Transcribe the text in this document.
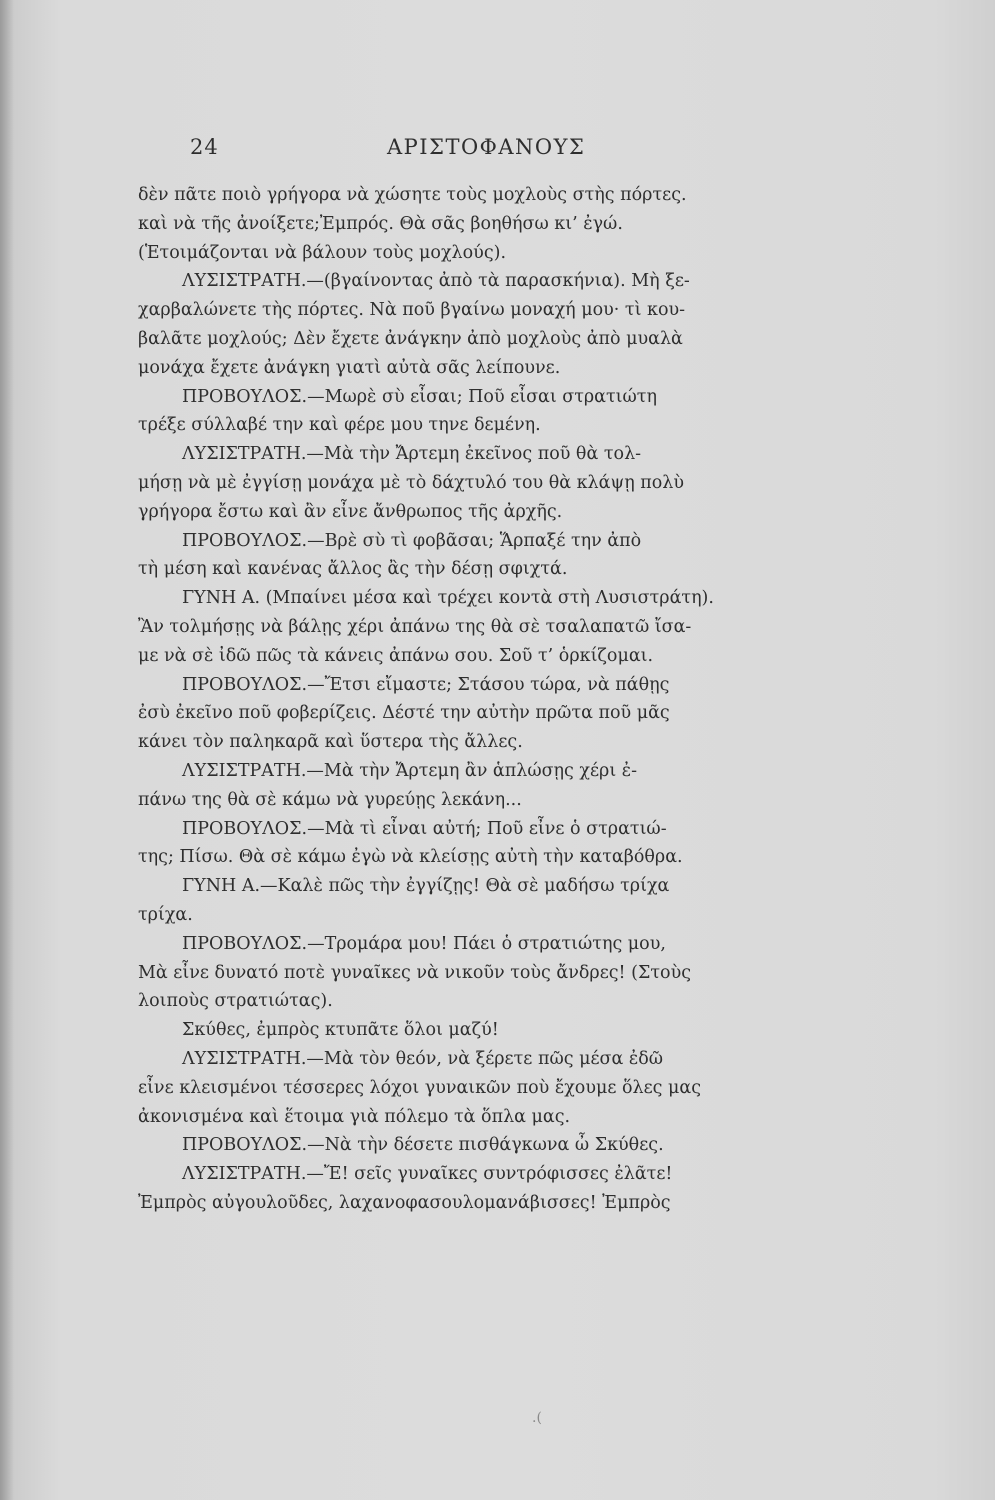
24	ΑΡΙΣΤΟΦΑΝΟΥΣ
δὲν πᾶτε ποιὸ γρήγορα νὰ χώσητε τοὺς μοχλοὺς στὴς πόρτες.
καὶ νὰ τῆς ἀνοίξετε;Ἐμπρός. Θὰ σᾶς βοηθήσω κι’ ἐγώ.
(Ἑτοιμάζονται νὰ βάλουν τοὺς μοχλούς).
ΛΥΣΙΣΤΡΑΤΗ.—(βγαίνοντας ἀπὸ τὰ παρασκήνια). Μὴ ξε-
χαρβαλώνετε τὴς πόρτες. Νὰ ποῦ βγαίνω μοναχή μου· τὶ κου-
βαλᾶτε μοχλούς; Δὲν ἔχετε ἀνάγκην ἀπὸ μοχλοὺς ἀπὸ μυαλὰ
μονάχα ἔχετε ἀνάγκη γιατὶ αὐτὰ σᾶς λείπουνε.
ΠΡΟΒΟΥΛΟΣ.—Μωρὲ σὺ εἶσαι; Ποῦ εἶσαι στρατιώτη
τρέξε σύλλαβέ την καὶ φέρε μου τηνε δεμένη.
ΛΥΣΙΣΤΡΑΤΗ.—Μὰ τὴν Ἄρτεμη ἐκεῖνος ποῦ θὰ τολ-
μήσῃ νὰ μὲ ἐγγίσῃ μονάχα μὲ τὸ δάχτυλό του θὰ κλάψῃ πολὺ
γρήγορα ἔστω καὶ ἂν εἶνε ἄνθρωπος τῆς ἀρχῆς.
ΠΡΟΒΟΥΛΟΣ.—Βρὲ σὺ τὶ φοβᾶσαι; Ἅρπαξέ την ἀπὸ
τὴ μέση καὶ κανένας ἄλλος ἂς τὴν δέσῃ σφιχτά.
ΓΥΝΗ Α. (Μπαίνει μέσα καὶ τρέχει κοντὰ στὴ Λυσιστράτη).
Ἂν τολμήσῃς νὰ βάλῃς χέρι ἀπάνω της θὰ σὲ τσαλαπατῶ ἴσα-
με νὰ σὲ ἰδῶ πῶς τὰ κάνεις ἀπάνω σου. Σοῦ τ’ ὁρκίζομαι.
ΠΡΟΒΟΥΛΟΣ.—Ἔτσι εἴμαστε; Στάσου τώρα, νὰ πάθῃς
ἐσὺ ἐκεῖνο ποῦ φοβερίζεις. Δέστέ την αὐτὴν πρῶτα ποῦ μᾶς
κάνει τὸν παληκαρᾶ καὶ ὕστερα τὴς ἄλλες.
ΛΥΣΙΣΤΡΑΤΗ.—Μὰ τὴν Ἄρτεμη ἂν ἁπλώσῃς χέρι ἐ-
πάνω της θὰ σὲ κάμω νὰ γυρεύῃς λεκάνη...
ΠΡΟΒΟΥΛΟΣ.—Μὰ τὶ εἶναι αὐτή; Ποῦ εἶνε ὁ στρατιώ-
της; Πίσω. Θὰ σὲ κάμω ἐγὼ νὰ κλείσῃς αὐτὴ τὴν καταβόθρα.
ΓΥΝΗ Α.—Καλὲ πῶς τὴν ἐγγίζῃς! Θὰ σὲ μαδήσω τρίχα
τρίχα.
ΠΡΟΒΟΥΛΟΣ.—Τρομάρα μου! Πάει ὁ στρατιώτης μου,
Μὰ εἶνε δυνατό ποτὲ γυναῖκες νὰ νικοῦν τοὺς ἄνδρες! (Στοὺς
λοιποὺς στρατιώτας).
Σκύθες, ἐμπρὸς κτυπᾶτε ὅλοι μαζύ!
ΛΥΣΙΣΤΡΑΤΗ.—Μὰ τὸν θεόν, νὰ ξέρετε πῶς μέσα ἐδῶ
εἶνε κλεισμένοι τέσσερες λόχοι γυναικῶν ποὺ ἔχουμε ὅλες μας
ἀκονισμένα καὶ ἕτοιμα γιὰ πόλεμο τὰ ὅπλα μας.
ΠΡΟΒΟΥΛΟΣ.—Νὰ τὴν δέσετε πισθάγκωνα ὦ Σκύθες.
ΛΥΣΙΣΤΡΑΤΗ.—Ἔ! σεῖς γυναῖκες συντρόφισσες ἐλᾶτε!
Ἐμπρὸς αὐγουλοῦδες, λαχανοφασουλομανάβισσες! Ἐμπρὸς
.(
